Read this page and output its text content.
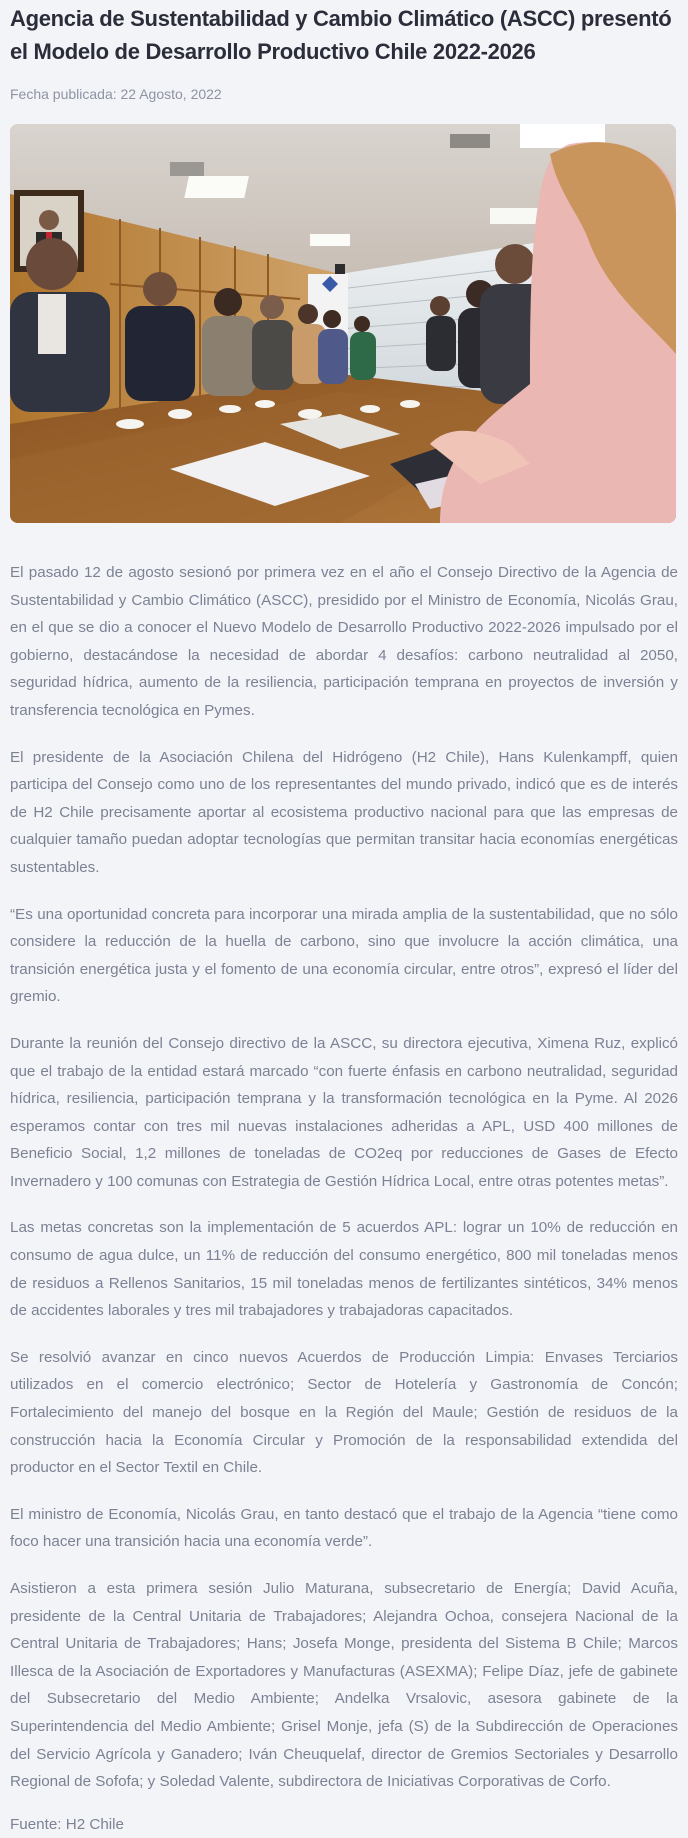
Agencia de Sustentabilidad y Cambio Climático (ASCC) presentó el Modelo de Desarrollo Productivo Chile 2022-2026
Fecha publicada: 22 Agosto, 2022

El pasado 12 de agosto sesionó por primera vez en el año el Consejo Directivo de la Agencia de Sustentabilidad y Cambio Climático (ASCC), presidido por el Ministro de Economía, Nicolás Grau, en el que se dio a conocer el Nuevo Modelo de Desarrollo Productivo 2022-2026 impulsado por el gobierno, destacándose la necesidad de abordar 4 desafíos: carbono neutralidad al 2050, seguridad hídrica, aumento de la resiliencia, participación temprana en proyectos de inversión y transferencia tecnológica en Pymes.

El presidente de la Asociación Chilena del Hidrógeno (H2 Chile), Hans Kulenkampff, quien participa del Consejo como uno de los representantes del mundo privado, indicó que es de interés de H2 Chile precisamente aportar al ecosistema productivo nacional para que las empresas de cualquier tamaño puedan adoptar tecnologías que permitan transitar hacia economías energéticas sustentables.

“Es una oportunidad concreta para incorporar una mirada amplia de la sustentabilidad, que no sólo considere la reducción de la huella de carbono, sino que involucre la acción climática, una transición energética justa y el fomento de una economía circular, entre otros”, expresó el líder del gremio.

Durante la reunión del Consejo directivo de la ASCC, su directora ejecutiva, Ximena Ruz, explicó que el trabajo de la entidad estará marcado “con fuerte énfasis en carbono neutralidad, seguridad hídrica, resiliencia, participación temprana y la transformación tecnológica en la Pyme. Al 2026 esperamos contar con tres mil nuevas instalaciones adheridas a APL, USD 400 millones de Beneficio Social, 1,2 millones de toneladas de CO2eq por reducciones de Gases de Efecto Invernadero y 100 comunas con Estrategia de Gestión Hídrica Local, entre otras potentes metas”.

Las metas concretas son la implementación de 5 acuerdos APL: lograr un 10% de reducción en consumo de agua dulce, un 11% de reducción del consumo energético, 800 mil toneladas menos de residuos a Rellenos Sanitarios, 15 mil toneladas menos de fertilizantes sintéticos, 34% menos de accidentes laborales y tres mil trabajadores y trabajadoras capacitados.

Se resolvió avanzar en cinco nuevos Acuerdos de Producción Limpia: Envases Terciarios utilizados en el comercio electrónico; Sector de Hotelería y Gastronomía de Concón; Fortalecimiento del manejo del bosque en la Región del Maule; Gestión de residuos de la construcción hacia la Economía Circular y Promoción de la responsabilidad extendida del productor en el Sector Textil en Chile.

El ministro de Economía, Nicolás Grau, en tanto destacó que el trabajo de la Agencia “tiene como foco hacer una transición hacia una economía verde”.

Asistieron a esta primera sesión Julio Maturana, subsecretario de Energía; David Acuña, presidente de la Central Unitaria de Trabajadores; Alejandra Ochoa, consejera Nacional de la Central Unitaria de Trabajadores; Hans; Josefa Monge, presidenta del Sistema B Chile; Marcos Illesca de la Asociación de Exportadores y Manufacturas (ASEXMA); Felipe Díaz, jefe de gabinete del Subsecretario del Medio Ambiente; Andelka Vrsalovic, asesora gabinete de la Superintendencia del Medio Ambiente; Grisel Monje, jefa (S) de la Subdirección de Operaciones del Servicio Agrícola y Ganadero; Iván Cheuquelaf, director de Gremios Sectoriales y Desarrollo Regional de Sofofa; y Soledad Valente, subdirectora de Iniciativas Corporativas de Corfo.

Fuente: H2 Chile
